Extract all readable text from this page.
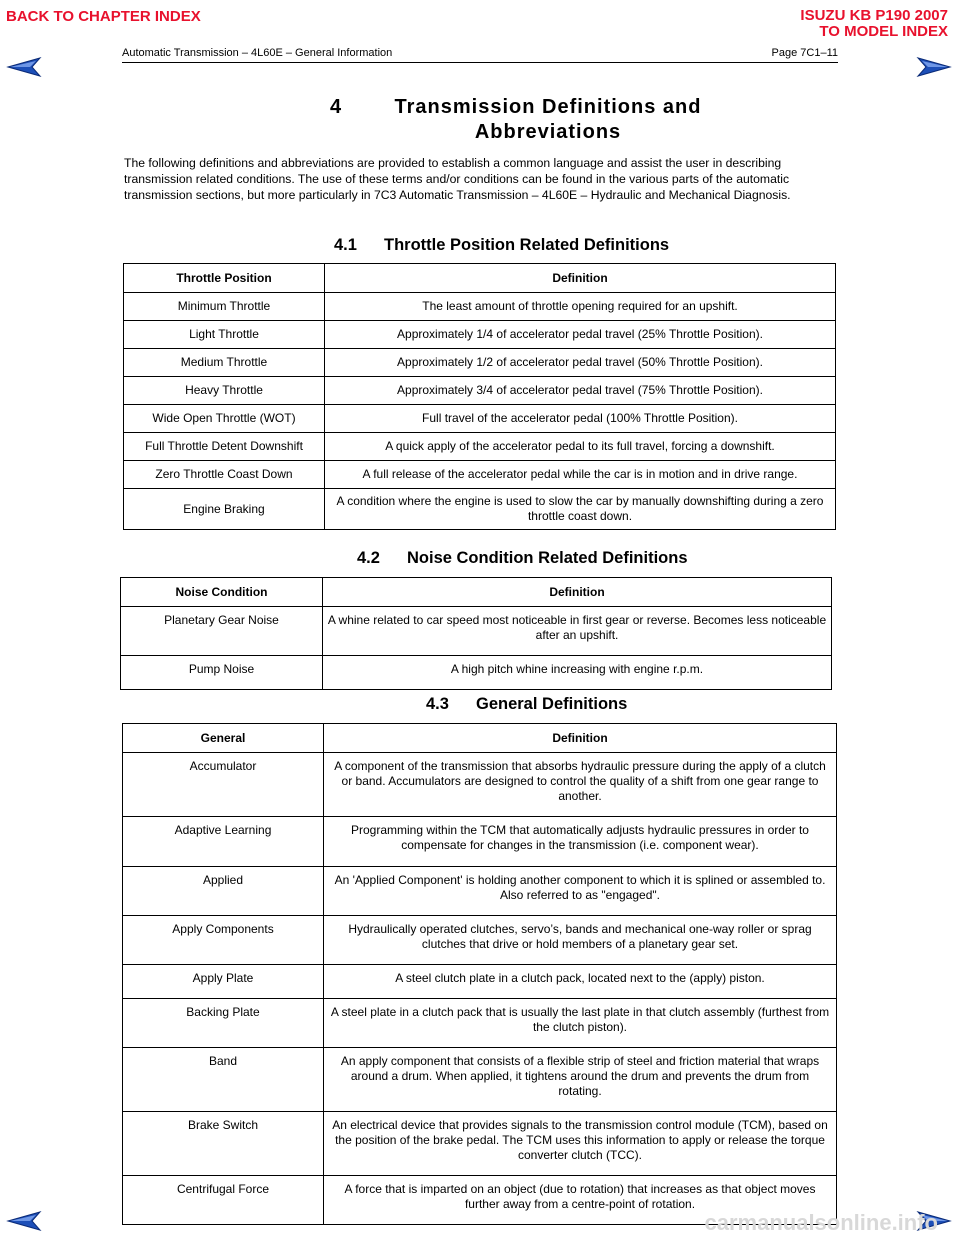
BACK TO CHAPTER INDEX	ISUZU KB P190 2007
TO MODEL INDEX
Automatic Transmission – 4L60E – General Information	Page 7C1–11
4	Transmission Definitions and Abbreviations
The following definitions and abbreviations are provided to establish a common language and assist the user in describing transmission related conditions. The use of these terms and/or conditions can be found in the various parts of the automatic transmission sections, but more particularly in 7C3 Automatic Transmission – 4L60E – Hydraulic and Mechanical Diagnosis.
4.1 Throttle Position Related Definitions
Throttle Position	Definition
Minimum Throttle	The least amount of throttle opening required for an upshift.
Light Throttle	Approximately 1/4 of accelerator pedal travel (25% Throttle Position).
Medium Throttle	Approximately 1/2 of accelerator pedal travel (50% Throttle Position).
Heavy Throttle	Approximately 3/4 of accelerator pedal travel (75% Throttle Position).
Wide Open Throttle (WOT)	Full travel of the accelerator pedal (100% Throttle Position).
Full Throttle Detent Downshift	A quick apply of the accelerator pedal to its full travel, forcing a downshift.
Zero Throttle Coast Down	A full release of the accelerator pedal while the car is in motion and in drive range.
Engine Braking	A condition where the engine is used to slow the car by manually downshifting during a zero throttle coast down.
4.2 Noise Condition Related Definitions
Noise Condition	Definition
Planetary Gear Noise	A whine related to car speed most noticeable in first gear or reverse. Becomes less noticeable after an upshift.
Pump Noise	A high pitch whine increasing with engine r.p.m.
4.3 General Definitions
General	Definition
Accumulator	A component of the transmission that absorbs hydraulic pressure during the apply of a clutch or band. Accumulators are designed to control the quality of a shift from one gear range to another.
Adaptive Learning	Programming within the TCM that automatically adjusts hydraulic pressures in order to compensate for changes in the transmission (i.e. component wear).
Applied	An 'Applied Component' is holding another component to which it is splined or assembled to. Also referred to as "engaged".
Apply Components	Hydraulically operated clutches, servo’s, bands and mechanical one-way roller or sprag clutches that drive or hold members of a planetary gear set.
Apply Plate	A steel clutch plate in a clutch pack, located next to the (apply) piston.
Backing Plate	A steel plate in a clutch pack that is usually the last plate in that clutch assembly (furthest from the clutch piston).
Band	An apply component that consists of a flexible strip of steel and friction material that wraps around a drum. When applied, it tightens around the drum and prevents the drum from rotating.
Brake Switch	An electrical device that provides signals to the transmission control module (TCM), based on the position of the brake pedal. The TCM uses this information to apply or release the torque converter clutch (TCC).
Centrifugal Force	A force that is imparted on an object (due to rotation) that increases as that object moves further away from a centre-point of rotation.
carmanualsonline.info
